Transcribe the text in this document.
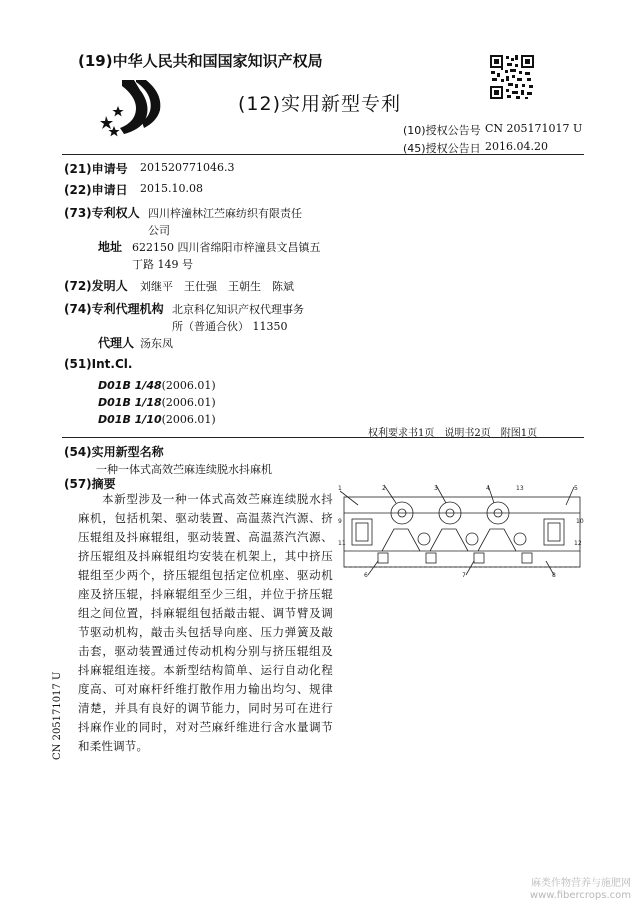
(19)中华人民共和国国家知识产权局
(12)实用新型专利
(10)授权公告号 CN 205171017 U
(45)授权公告日 2016.04.20
(21)申请号 201520771046.3
(22)申请日 2015.10.08
(73)专利权人 四川梓潼林江苎麻纺织有限责任
公司
地址 622150 四川省绵阳市梓潼县文昌镇五
丁路 149 号
(72)发明人 刘继平　王仕强　王朝生　陈斌
(74)专利代理机构 北京科亿知识产权代理事务
所（普通合伙） 11350
代理人 汤东凤
(51)Int.Cl.
D01B 1/48(2006.01)
D01B 1/18(2006.01)
D01B 1/10(2006.01)
权利要求书1页　说明书2页　附图1页
(54)实用新型名称
一种一体式高效苎麻连续脱水抖麻机
(57)摘要
本新型涉及一种一体式高效苎麻连续脱水抖麻机，包括机架、驱动装置、高温蒸汽汽源、挤压辊组及抖麻辊组，驱动装置、高温蒸汽汽源、挤压辊组及抖麻辊组均安装在机架上，其中挤压辊组至少两个，挤压辊组包括定位机座、驱动机座及挤压辊，抖麻辊组至少三组，并位于挤压辊组之间位置，抖麻辊组包括敲击辊、调节臂及调节驱动机构，敲击头包括导向座、压力弹簧及敲击套，驱动装置通过传动机构分别与挤压辊组及抖麻辊组连接。本新型结构简单、运行自动化程度高、可对麻杆纤维打散作用力输出均匀、规律清楚，并具有良好的调节能力，同时另可在进行抖麻作业的同时，对对苎麻纤维进行含水量调节和柔性调节。
1	2	3	4	5
6	7	8
9	10
11	12
13
CN 205171017 U
麻类作物营养与施肥网 www.fibercrops.com
